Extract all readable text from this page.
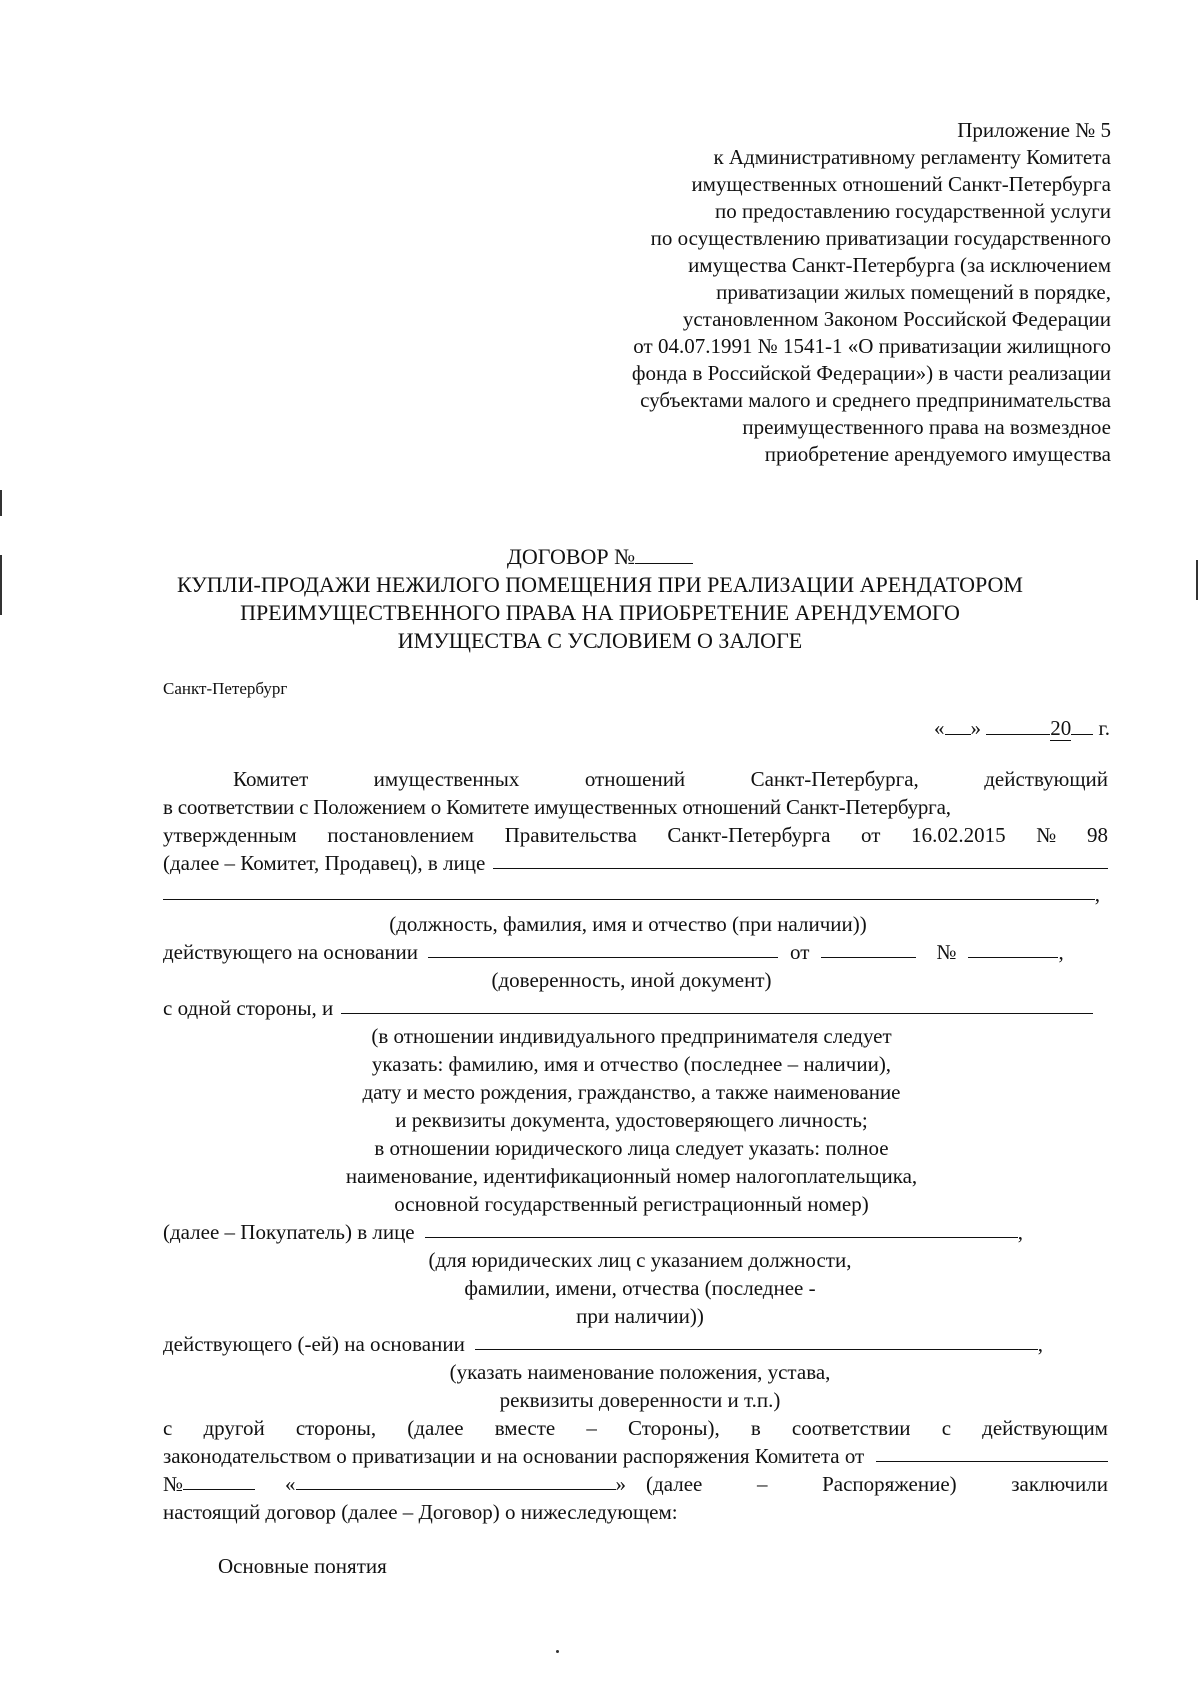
Приложение № 5
к Административному регламенту Комитета
имущественных отношений Санкт-Петербурга
по предоставлению государственной услуги
по осуществлению приватизации государственного
имущества Санкт-Петербурга (за исключением
приватизации жилых помещений в порядке,
установленном Законом Российской Федерации
от 04.07.1991 № 1541-1 «О приватизации жилищного
фонда в Российской Федерации») в части реализации
субъектами малого и среднего предпринимательства
преимущественного права на возмездное
приобретение арендуемого имущества
ДОГОВОР №
КУПЛИ-ПРОДАЖИ НЕЖИЛОГО ПОМЕЩЕНИЯ ПРИ РЕАЛИЗАЦИИ АРЕНДАТОРОМ
ПРЕИМУЩЕСТВЕННОГО ПРАВА НА ПРИОБРЕТЕНИЕ АРЕНДУЕМОГО
ИМУЩЕСТВА С УСЛОВИЕМ О ЗАЛОГЕ
Санкт-Петербург
« »	20 г.
Комитет	имущественных	отношений	Санкт-Петербурга,	действующий
в соответствии с Положением о Комитете имущественных отношений Санкт-Петербурга,
утвержденным постановлением Правительства Санкт-Петербурга от 16.02.2015 № 98
(далее – Комитет, Продавец), в лице
,
(должность, фамилия, имя и отчество (при наличии))
действующего на основании	от	№	,
(доверенность, иной документ)
с одной стороны, и
(в отношении индивидуального предпринимателя следует
указать: фамилию, имя и отчество (последнее – наличии),
дату и место рождения, гражданство, а также наименование
и реквизиты документа, удостоверяющего личность;
в отношении юридического лица следует указать: полное
наименование, идентификационный номер налогоплательщика,
основной государственный регистрационный номер)
(далее – Покупатель) в лице	,
(для юридических лиц с указанием должности,
фамилии, имени, отчества (последнее -
при наличии))
действующего (-ей) на основании	,
(указать наименование положения, устава,
реквизиты доверенности и т.п.)
с другой стороны, (далее вместе – Стороны), в соответствии с действующим
законодательством о приватизации и на основании распоряжения Комитета от
№	«	» (далее	–	Распоряжение)	заключили
настоящий договор (далее – Договор) о нижеследующем:
Основные понятия
